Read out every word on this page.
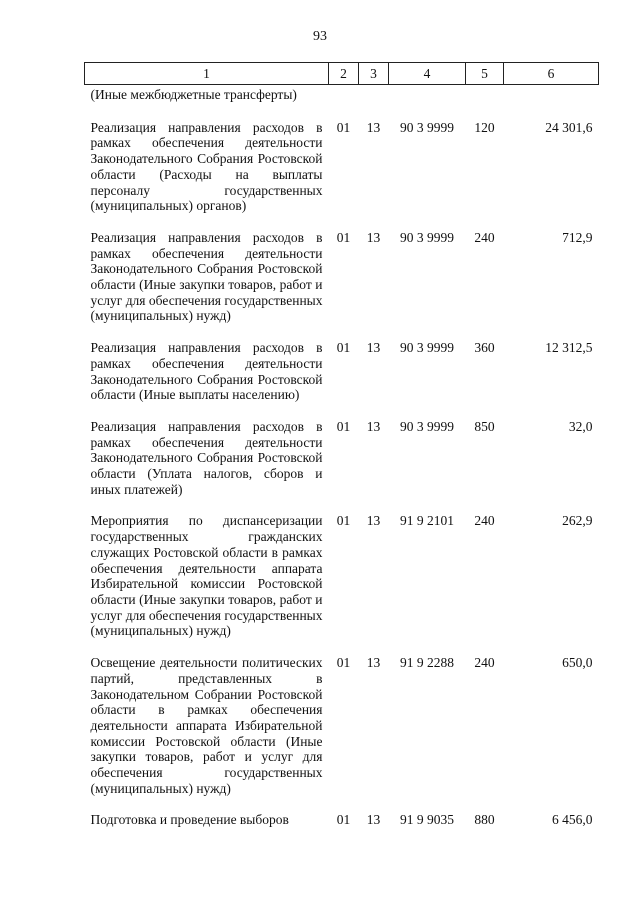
93
1	2	3	4	5	6
(Иные межбюджетные трансферты)					
Реализация направления расходов в рамках обеспечения деятельности Законодательного Собрания Ростовской области (Расходы на выплаты персоналу государственных (муниципальных) органов)	01	13	90 3 9999	120	24 301,6
Реализация направления расходов в рамках обеспечения деятельности Законодательного Собрания Ростовской области (Иные закупки товаров, работ и услуг для обеспечения государственных (муниципальных) нужд)	01	13	90 3 9999	240	712,9
Реализация направления расходов в рамках обеспечения деятельности Законодательного Собрания Ростовской области (Иные выплаты населению)	01	13	90 3 9999	360	12 312,5
Реализация направления расходов в рамках обеспечения деятельности Законодательного Собрания Ростовской области (Уплата налогов, сборов и иных платежей)	01	13	90 3 9999	850	32,0
Мероприятия по диспансеризации государственных гражданских служащих Ростовской области в рамках обеспечения деятельности аппарата Избирательной комиссии Ростовской области (Иные закупки товаров, работ и услуг для обеспечения государственных (муниципальных) нужд)	01	13	91 9 2101	240	262,9
Освещение деятельности политических партий, представленных в Законодательном Собрании Ростовской области в рамках обеспечения деятельности аппарата Избирательной комиссии Ростовской области (Иные закупки товаров, работ и услуг для обеспечения государственных (муниципальных) нужд)	01	13	91 9 2288	240	650,0
Подготовка и проведение выборов	01	13	91 9 9035	880	6 456,0
